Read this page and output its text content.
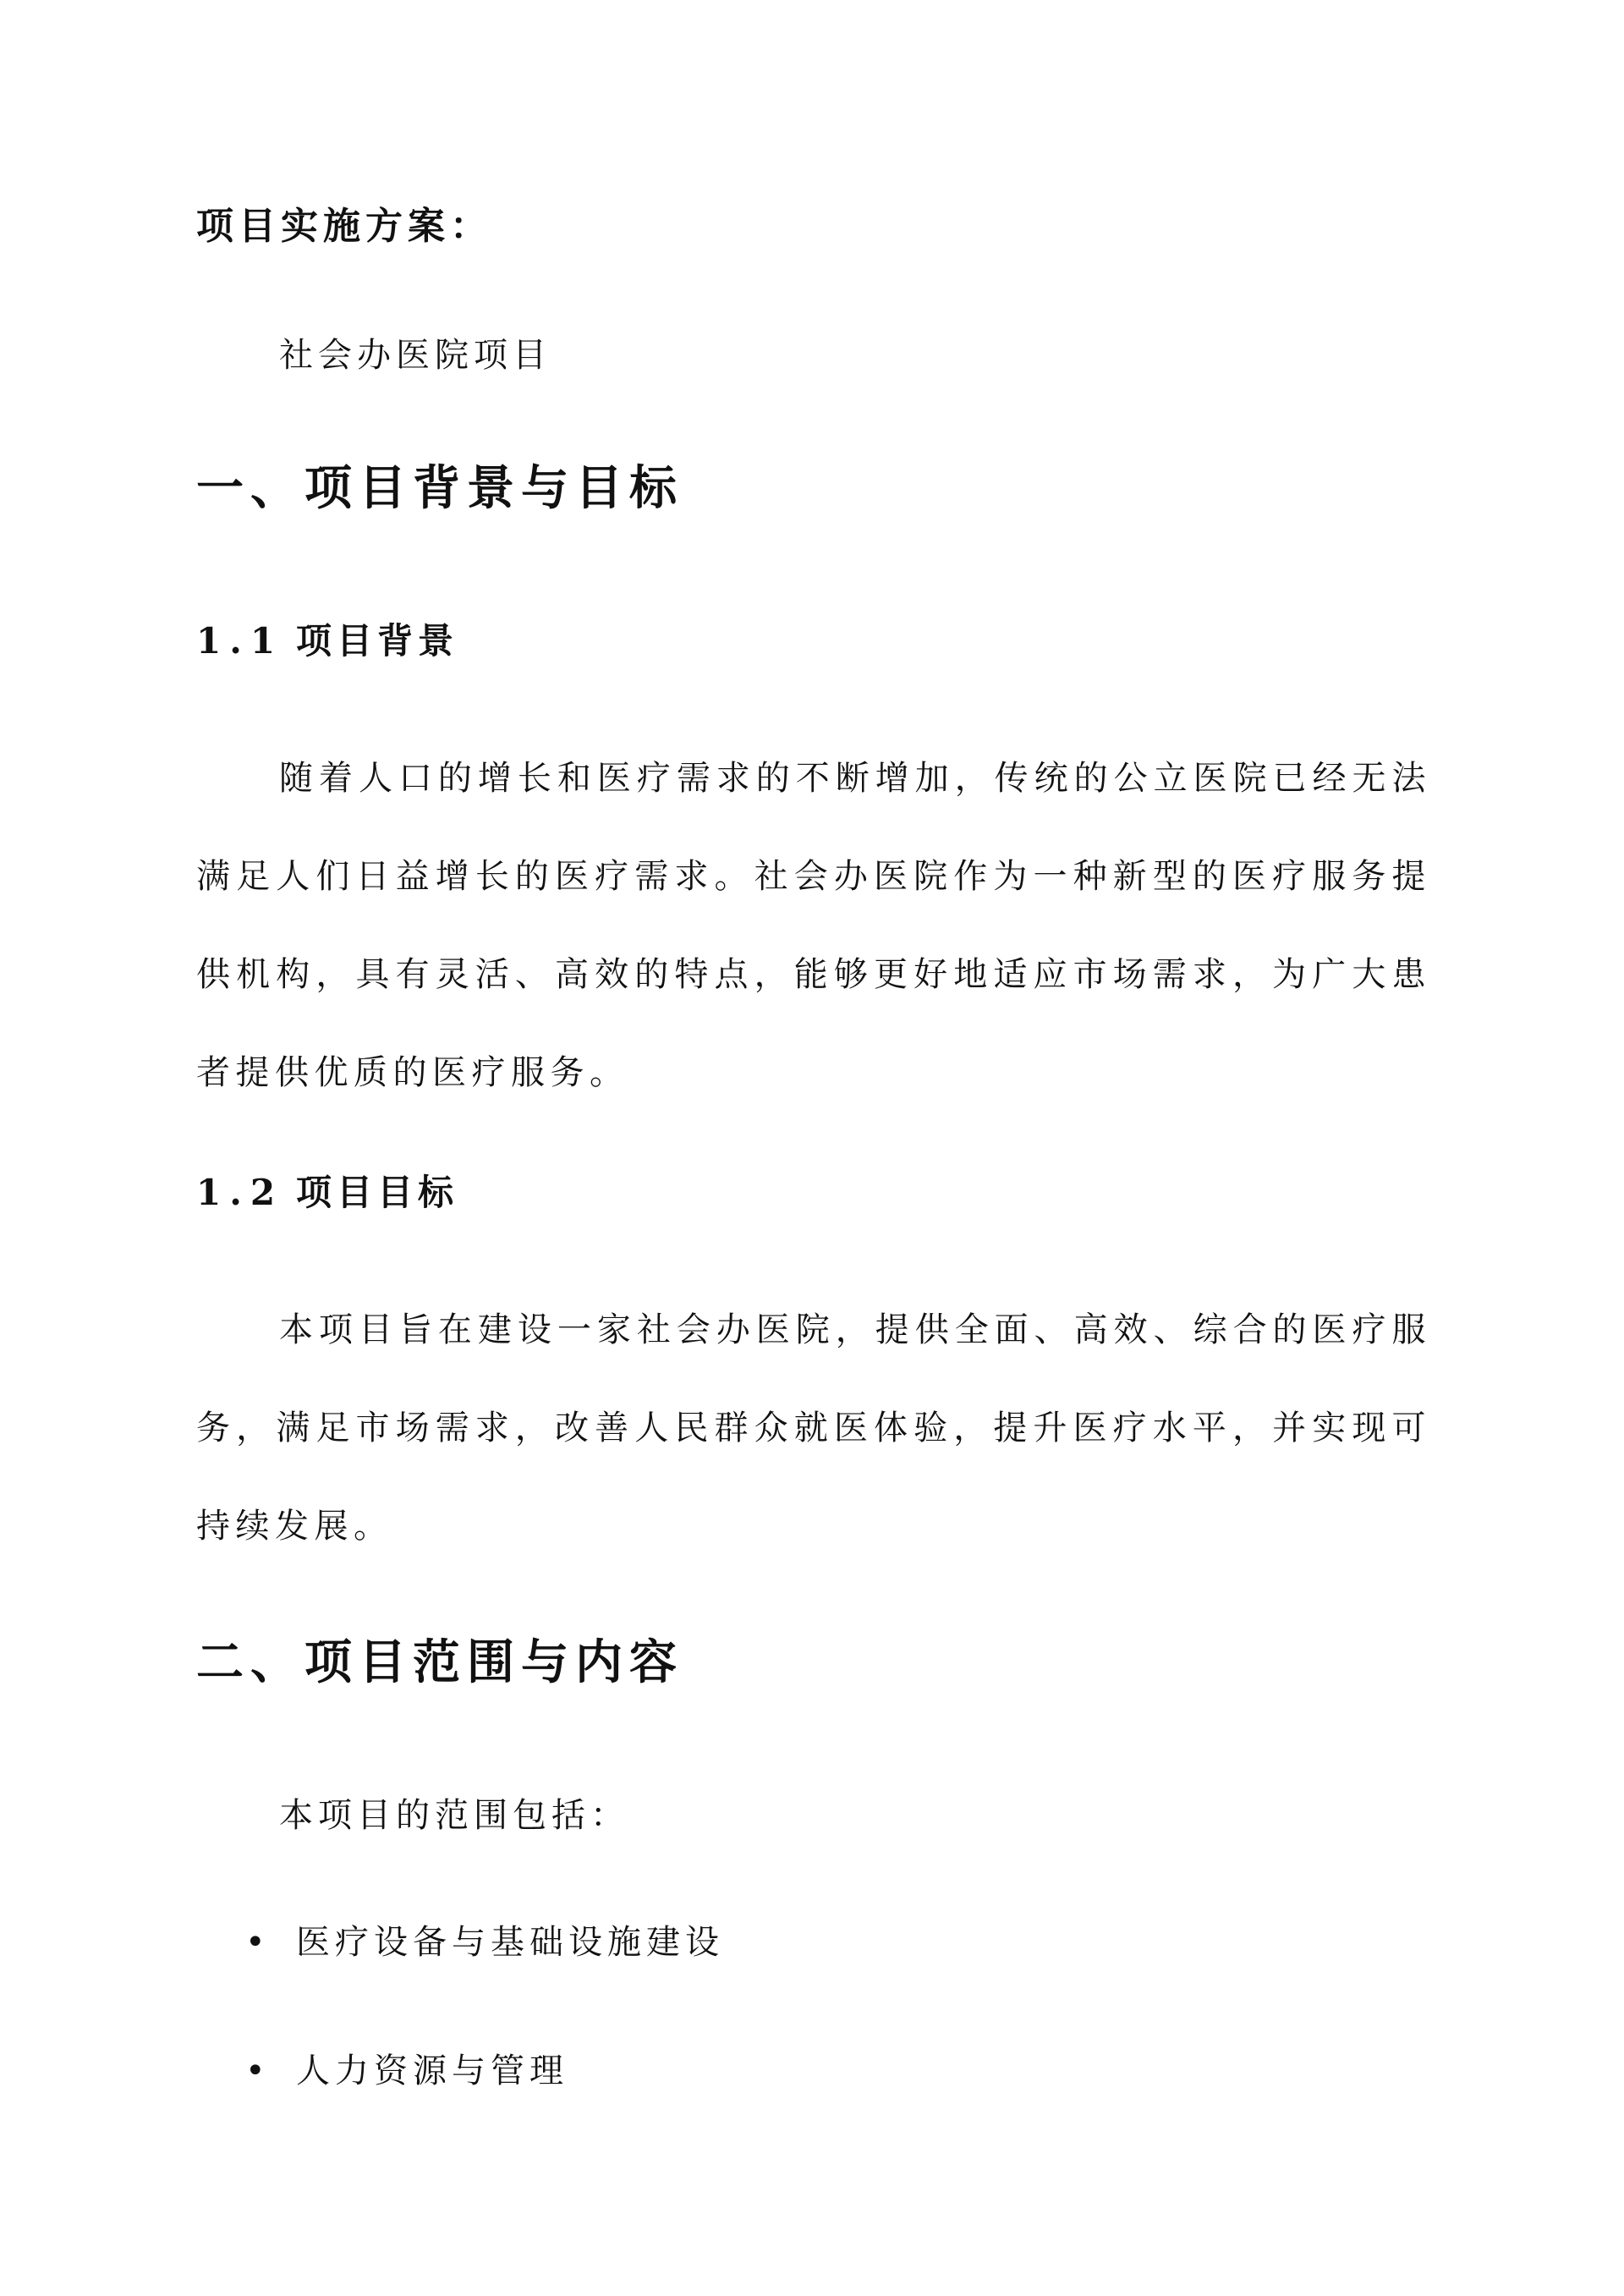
项目实施方案：
社会办医院项目
一、项目背景与目标
1.1 项目背景

随着人口的增长和医疗需求的不断增加，传统的公立医院已经无法满足人们日益增长的医疗需求。社会办医院作为一种新型的医疗服务提供机构，具有灵活、高效的特点，能够更好地适应市场需求，为广大患者提供优质的医疗服务。

1.2 项目目标

本项目旨在建设一家社会办医院，提供全面、高效、综合的医疗服务，满足市场需求，改善人民群众就医体验，提升医疗水平，并实现可持续发展。

二、项目范围与内容
本项目的范围包括：
• 医疗设备与基础设施建设
• 人力资源与管理
